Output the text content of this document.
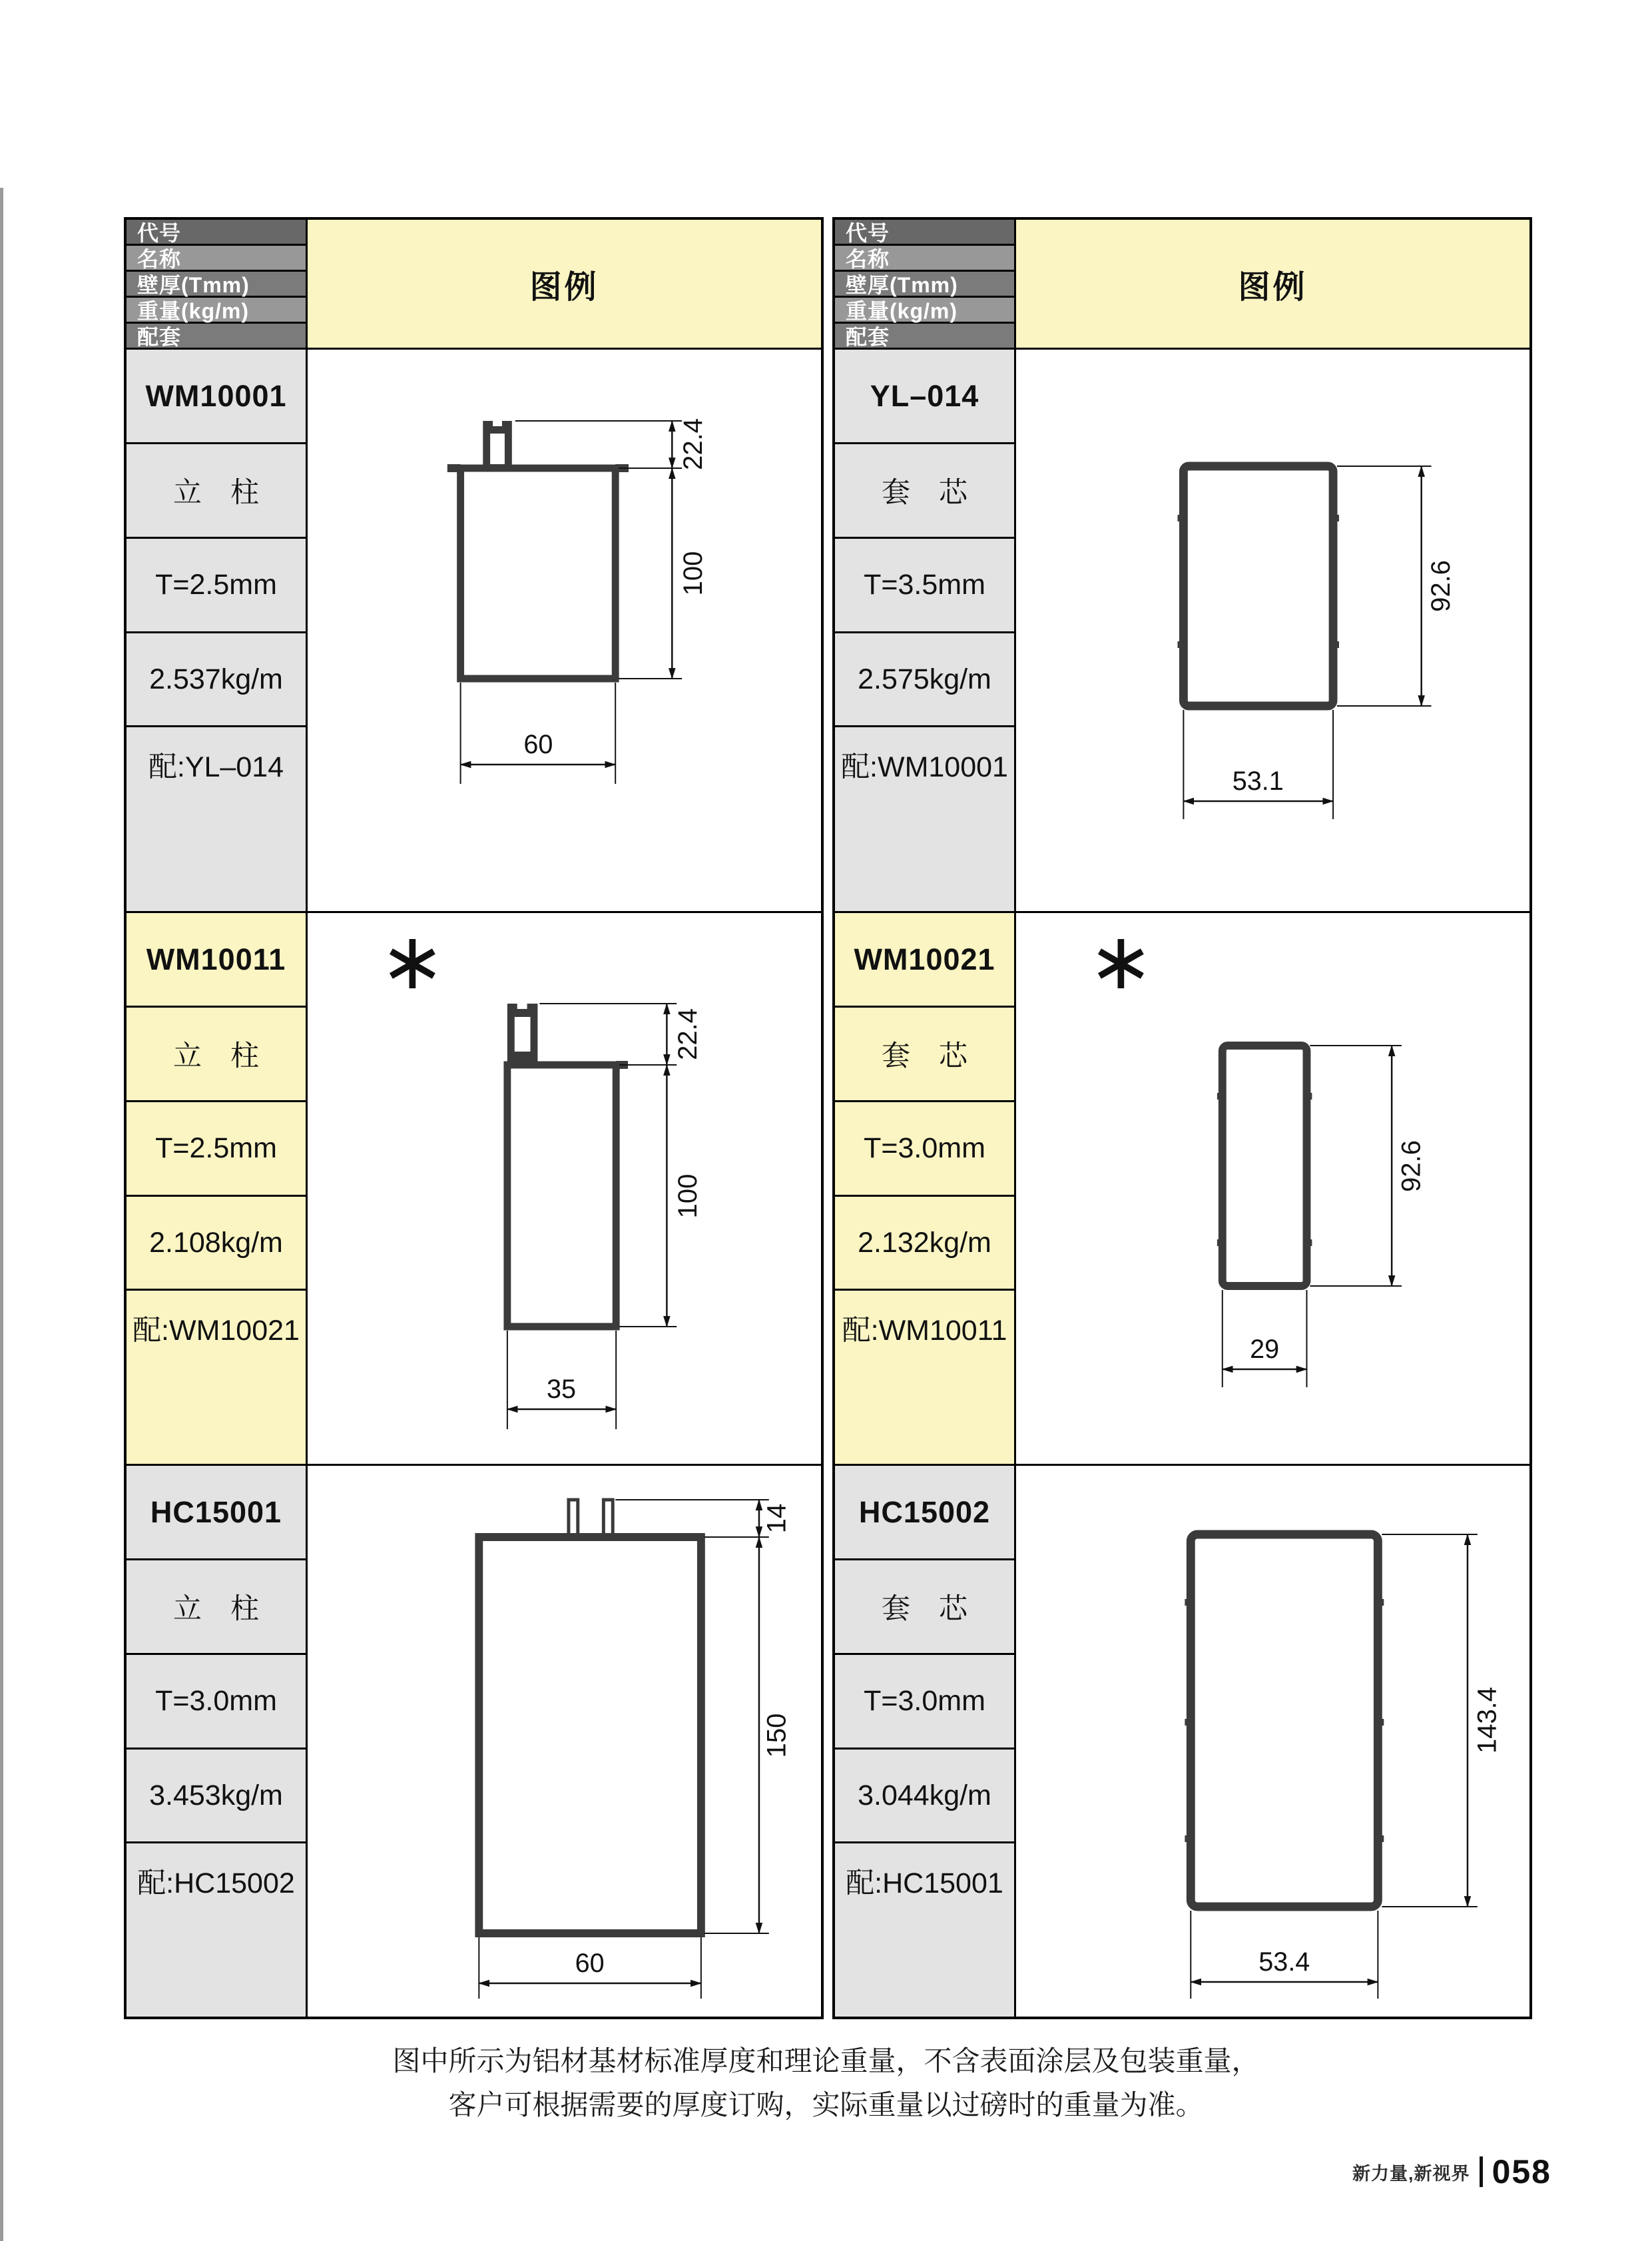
代号
名称
壁厚(Tmm)
重量(kg/m)
配套
图例
WM10001
立　柱
T=2.5mm
2.537kg/m
配:YL–014
22.4
100
60
WM10011
立　柱
T=2.5mm
2.108kg/m
配:WM10021
∗
22.4
100
35
HC15001
立　柱
T=3.0mm
3.453kg/m
配:HC15002
14
150
60
代号
名称
壁厚(Tmm)
重量(kg/m)
配套
图例
YL–014
套　芯
T=3.5mm
2.575kg/m
配:WM10001
92.6
53.1
WM10021
套　芯
T=3.0mm
2.132kg/m
配:WM10011
∗
92.6
29
HC15002
套　芯
T=3.0mm
3.044kg/m
配:HC15001
143.4
53.4
图中所示为铝材基材标准厚度和理论重量，不含表面涂层及包装重量，
客户可根据需要的厚度订购，实际重量以过磅时的重量为准。
新力量,新视界 058
